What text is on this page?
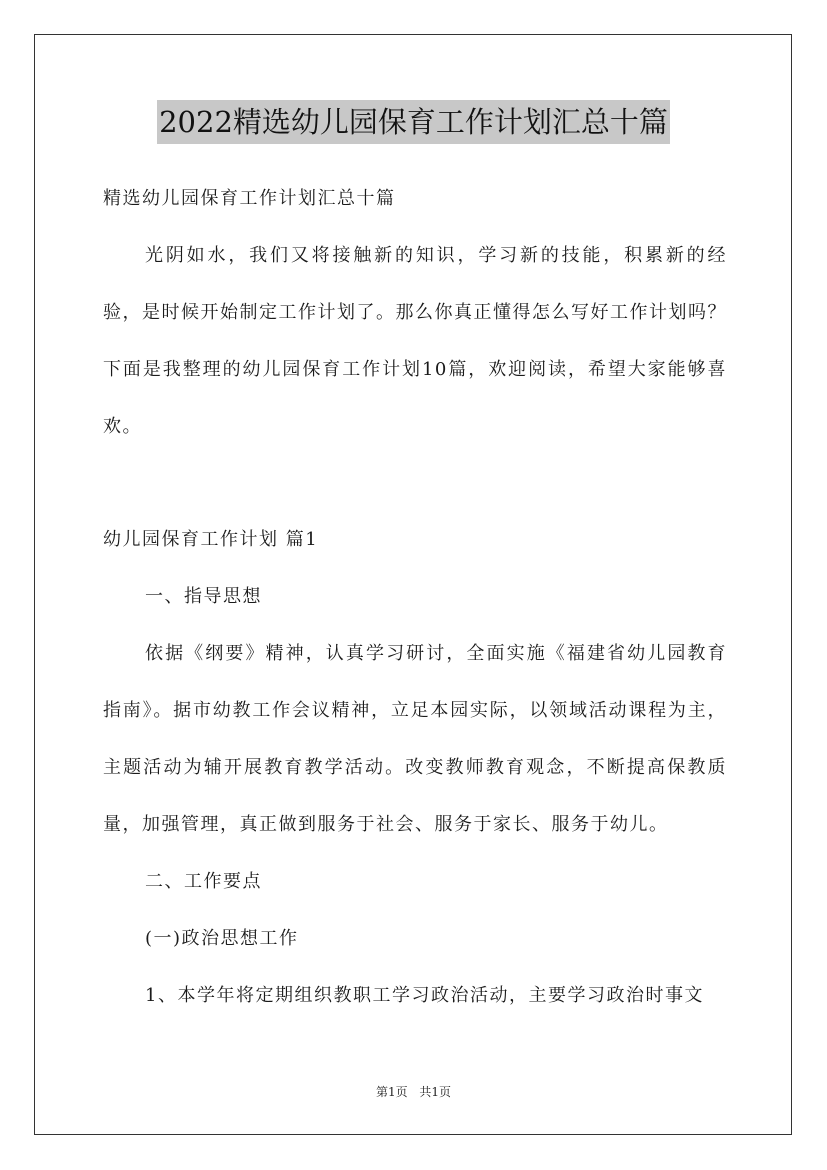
2022精选幼儿园保育工作计划汇总十篇

精选幼儿园保育工作计划汇总十篇

光阴如水，我们又将接触新的知识，学习新的技能，积累新的经验，是时候开始制定工作计划了。那么你真正懂得怎么写好工作计划吗？下面是我整理的幼儿园保育工作计划10篇，欢迎阅读，希望大家能够喜欢。

幼儿园保育工作计划 篇1

一、指导思想

依据《纲要》精神，认真学习研讨，全面实施《福建省幼儿园教育指南》。据市幼教工作会议精神，立足本园实际，以领域活动课程为主，主题活动为辅开展教育教学活动。改变教师教育观念，不断提高保教质量，加强管理，真正做到服务于社会、服务于家长、服务于幼儿。

二、工作要点

(一)政治思想工作

1、本学年将定期组织教职工学习政治活动，主要学习政治时事文

第1页 共1页
